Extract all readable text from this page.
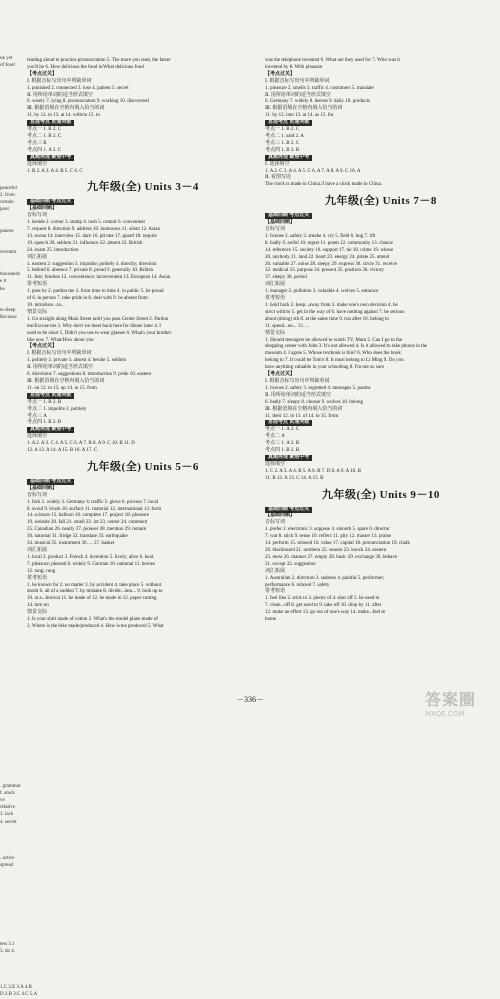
ok yet
of food

peaceful
2. from
certain
poor

panese

reventor

thousands
e it
he

to sleep
Because

. grammar
f. stuck
ve
relative
3. lack
4. secret

. active
spread

test 3.1
3. do 4.

1.C 2.E 3.A 4.B
D 2.B 3.C 4.C 5.A
reading aloud to practice pronunciation 5. The more you read, the faster
you'll be 6. How delicious the food is/What delicious food
【考点过关】
Ⅰ. 根据音标写出句中所缺单词
1. punished 2. connected 3. lose 4. patient 5. secret
Ⅱ. 用所给单词的适当形式填空
6. wisely 7. lying 8. pronunciation 9. working 10. discovered
Ⅲ. 根据语境在空格内填入恰当的词
11. by 12. to 13. at 14. with/to 15. to
易混考点 贯通突破
考点一 1. B 2. C
考点二 1. B 2. C
考点三 B
考点四 1. A 2. C
真题再现 聚焦中考
选择填空
1. B 2. A 3. A 4. B 5. C 6. C
九年级(全) Units 3－4
基础回顾 考点过关
【基础回顾】
音标写词
1. beside 2. corner 3. stamp 4. rush 5. central 6. convenient
7. request 8. direction 9. address 10. humorous 11. silent 12. Asian
13. ocean 14. interview 15. dare 16. private 17. guard 18. require
19. speech 20. seldom 21. influence 22. absent 23. British
24. exam 25. introduction
词汇拓展
1. eastern 2. suggestion 3. impolite; politely 4. directly; direction
5. behind 6. absence 7. private 8. proud 9. generally 10. British
11. fear; fearless 12. convenience; inconvenient 13. European 14. Asian
常考短语
1. pass by 2. pardon me 3. from time to time 4. in public 5. be proud
of 6. in person 7. take pride in 8. deal with 9. be absent from
10. introduce...to...
情景交际
1. Go straight along Main Street until you pass Center Street 2. Pardon
me/Excuse me 3. Why don't we meet back here for dinner later 4. I
used to be short 5. Didn't you use to wear glasses 6. What's your brother
like now 7. What/How about you
【考点过关】
Ⅰ. 根据音标写出句中所缺单词
1. politely 2. private 3. absent 4. beside 5. seldom
Ⅱ. 用所给单词的适当形式填空
6. directions 7. suggestions 8. introduction 9. pride 10. eastern
Ⅲ. 根据语境在空格内填入恰当的词
11. on 12. to 13. up 14. in 15. from
易混考点 贯通突破
考点一 1. B 2. B
考点二 1. impolite 2. politely
考点三 A
考点四 1. B 2. B
真题再现 聚焦中考
选择填空
1. A 2. A 3. C 4. A 5. C 6. A 7. B 8. A 9. C 10. B 11. D
12. A 13. A 14. A 15. B 16. A 17. C
九年级(全) Units 5－6
基础回顾 考点过关
【基础回顾】
音标写词
1. fork 2. widely 3. Germany 4. traffic 5. glove 6. process 7. local
8. avoid 9. brush 10. surface 11. material 12. international 13. form
14. scissors 15. balloon 16. complete 17. project 18. pleasure
19. website 20. fall 21. smell 22. lot 23. center 24. comment
25. Canadian 26. nearly 27. pioneer 28. mention 29. remain
30. national 31. fridge 32. translate 33. earthquake
34. musical 35. instrument 36. ... 37. basket
词汇拓展
1. local 2. product 3. French 4. invention 5. lively; alive 6. heat
7. pleasure; pleased 8. widely 9. German 10. national 11. heroes
12. rang; rung
常考短语
1. be known for 2. no matter 3. by accident 4. take place 5. without
doubt 6. all of a sudden 7. by mistake 8. divide...into... 9. look up to
10. at a...festival 11. be made of 12. be made in 12. paper cutting
14. turn on
情景交际
1. Is your shirt made of cotton 2. What's the model plane made of
3. Where is the bike made/produced 4. How is tea produced 5. What
was the telephone invented 6. What are they used for 7. Who was it
invented by 8. With pleasure
【考点过关】
Ⅰ. 根据音标写出句中所缺单词
1. pleasure 2. smells 3. traffic 4. customers 5. translate
Ⅱ. 用所给单词的适当形式填空
6. Germany 7. widely 8. heroes 9. daily 10. products
Ⅲ. 根据语境在空格内填入恰当的词
11. by 12. into 13. at 14. as 15. for
易混考点 贯通突破
考点一 1. B 2. C
考点二 1. said 2. A
考点三 1. B 2. C
考点四 1. B 2. B
真题再现 聚焦中考
Ⅰ. 选择填空
1. A 2. C 3. A 4. A 5. C 6. A 7. A 8. A 9. C 10. A
Ⅱ. 看图写话
The clock is made in China./I have a clock made in China.
九年级(全) Units 7－8
基础回顾 考点过关
【基础回顾】
音标写词
1. license 2. safety 3. smoke 4. cry 5. field 6. hug 7. lift
8. badly 9. awful 10. regret 11. poem 12. community 13. chance
14. reference 15. society 16. support 17. tie 18. crime 19. whose
20. anybody 21. land 22. heart 23. energy 24. pirate 25. attend
26. valuable 27. noise 28. sleepy 29. express 30. circle 31. receive
32. medical 33. purpose 34. present 35. position 36. victory
37. sleepy 38. period
词汇拓展
1. manager 2. pollution 3. valuable 4. wolves 5. entrance
常考短语
1. hold back 2. keep...away from 3. make one's own decision 4. be
strict with/to 5. get in the way of 6. have nothing against 7. be serious
about (doing) sth 8. at the same time 9. run after 10. belong to
11. spend...on... 12. ...
情景交际
1. Should teenagers be allowed to watch TV, Mum 2. Can I go to the
shopping center with John 3. It's not allowed 4. Is it allowed to take photos in the
museum 4. I agree 5. Whose textbook is this? 6. Who does the book
belong to 7. It could be Tom's 8. It must belong to Li Ming 9. Do you
have anything valuable in your schoolbag 8. I'm not so sure
【考点过关】
Ⅰ. 根据音标写出句中所缺单词
1. license 2. safety 3. regretted 4. messages 5. poems
Ⅱ. 用所给单词的适当形式填空
6. badly 7. sleepy 8. choose 9. wolves 10. belong
Ⅲ. 根据语境在空格内填入恰当的词
11. their 12. in 13. of 14. to 15. from
易混考点 贯通突破
考点一 1. A 2. C
考点二 A
考点三 1. A 2. B
考点四 1. B 2. B
真题再现 聚焦中考
选择填空
1. C 2. A 3. A 4. B 5. A 6. B 7. D 8. A 9. A 10. B
11. B 12. A 13. C 14. A 15. B
九年级(全) Units 9－10
基础回顾 考点过关
【基础回顾】
音标写词
1. prefer 2. electronic 3. suppose 4. smooth 5. spare 6. director
7. war 8. stick 9. sense 10. reflect 11. pity 12. master 13. praise
14. perform 15. relaxed 16. value 17. capital 18. pronunciation 19. chalk
20. blackboard 21. northern 22. season 23. knock 24. eastern
25. mess 26. manner 27. empty 28. basic 29. exchange 30. behave
31. except 32. suggestion
词汇拓展
1. Australian 2. direction 3. sadness 4. painful 5. performer;
performance 6. relaxed 7. safety
常考短语
1. feel like 2. stick to 3. plenty of 4. shut off 5. be used to
7. clean...off 8. get used to 9. take off 10. drop by 11. after
12. make an effort 13. go out of one's way 14. make...feel at
home
－336－	答案圈
MXQE.COM
